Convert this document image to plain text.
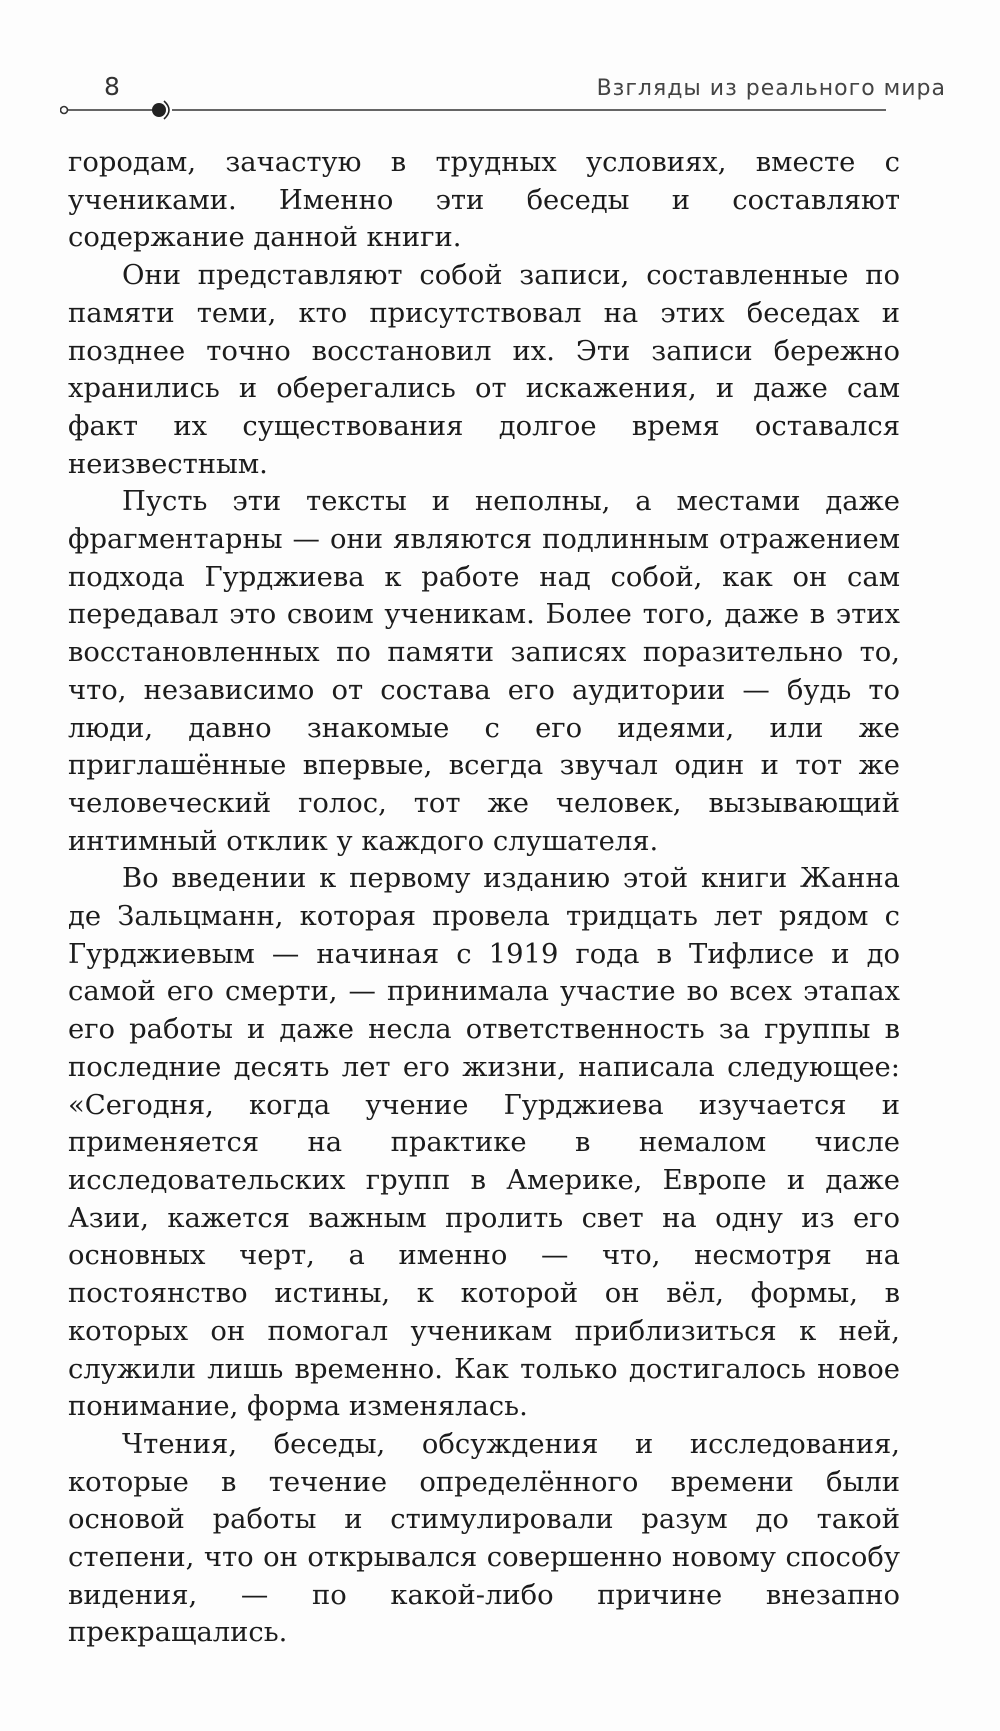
8	Взгляды из реального мира

городам, зачастую в трудных условиях, вместе с учениками. Именно эти беседы и составляют содержание данной книги.

Они представляют собой записи, составленные по памяти теми, кто присутствовал на этих беседах и позднее точно восстановил их. Эти записи бережно хранились и оберегались от искажения, и даже сам факт их существования долгое время оставался неизвестным.

Пусть эти тексты и неполны, а местами даже фрагментарны — они являются подлинным отражением подхода Гурджиева к работе над собой, как он сам передавал это своим ученикам. Более того, даже в этих восстановленных по памяти записях поразительно то, что, независимо от состава его аудитории — будь то люди, давно знакомые с его идеями, или же приглашённые впервые, всегда звучал один и тот же человеческий голос, тот же человек, вызывающий интимный отклик у каждого слушателя.

Во введении к первому изданию этой книги Жанна де Зальцманн, которая провела тридцать лет рядом с Гурджиевым — начиная с 1919 года в Тифлисе и до самой его смерти, — принимала участие во всех этапах его работы и даже несла ответственность за группы в последние десять лет его жизни, написала следующее: «Сегодня, когда учение Гурджиева изучается и применяется на практике в немалом числе исследовательских групп в Америке, Европе и даже Азии, кажется важным пролить свет на одну из его основных черт, а именно — что, несмотря на постоянство истины, к которой он вёл, формы, в которых он помогал ученикам приблизиться к ней, служили лишь временно. Как только достигалось новое понимание, форма изменялась.

Чтения, беседы, обсуждения и исследования, которые в течение определённого времени были основой работы и стимулировали разум до такой степени, что он открывался совершенно новому способу видения, — по какой-либо причине внезапно прекращались.
